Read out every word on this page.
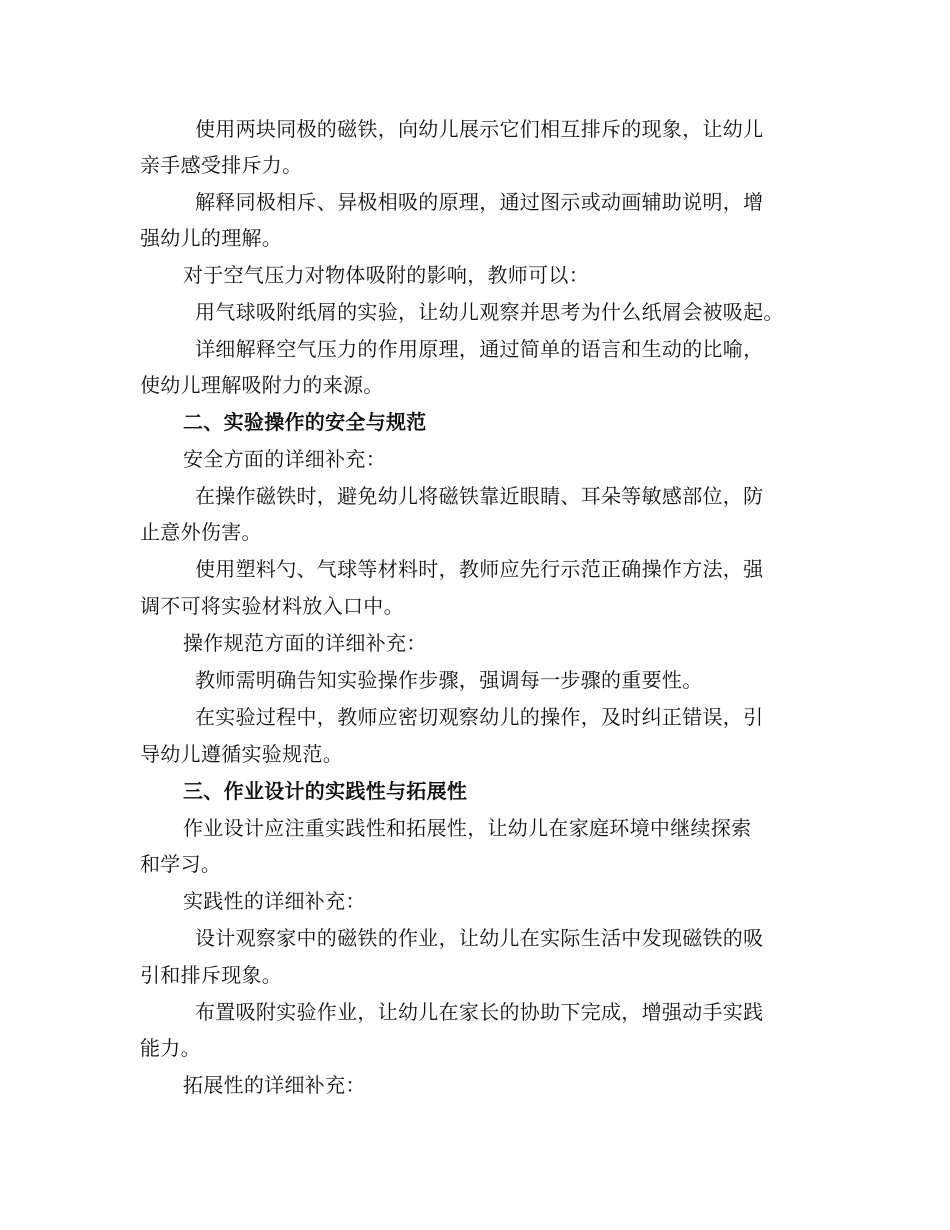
使用两块同极的磁铁，向幼儿展示它们相互排斥的现象，让幼儿
亲手感受排斥力。
解释同极相斥、异极相吸的原理，通过图示或动画辅助说明，增
强幼儿的理解。
对于空气压力对物体吸附的影响，教师可以：
用气球吸附纸屑的实验，让幼儿观察并思考为什么纸屑会被吸起。
详细解释空气压力的作用原理，通过简单的语言和生动的比喻，
使幼儿理解吸附力的来源。
二、实验操作的安全与规范
安全方面的详细补充：
在操作磁铁时，避免幼儿将磁铁靠近眼睛、耳朵等敏感部位，防
止意外伤害。
使用塑料勺、气球等材料时，教师应先行示范正确操作方法，强
调不可将实验材料放入口中。
操作规范方面的详细补充：
教师需明确告知实验操作步骤，强调每一步骤的重要性。
在实验过程中，教师应密切观察幼儿的操作，及时纠正错误，引
导幼儿遵循实验规范。
三、作业设计的实践性与拓展性
作业设计应注重实践性和拓展性，让幼儿在家庭环境中继续探索
和学习。
实践性的详细补充：
设计观察家中的磁铁的作业，让幼儿在实际生活中发现磁铁的吸
引和排斥现象。
布置吸附实验作业，让幼儿在家长的协助下完成，增强动手实践
能力。
拓展性的详细补充：
